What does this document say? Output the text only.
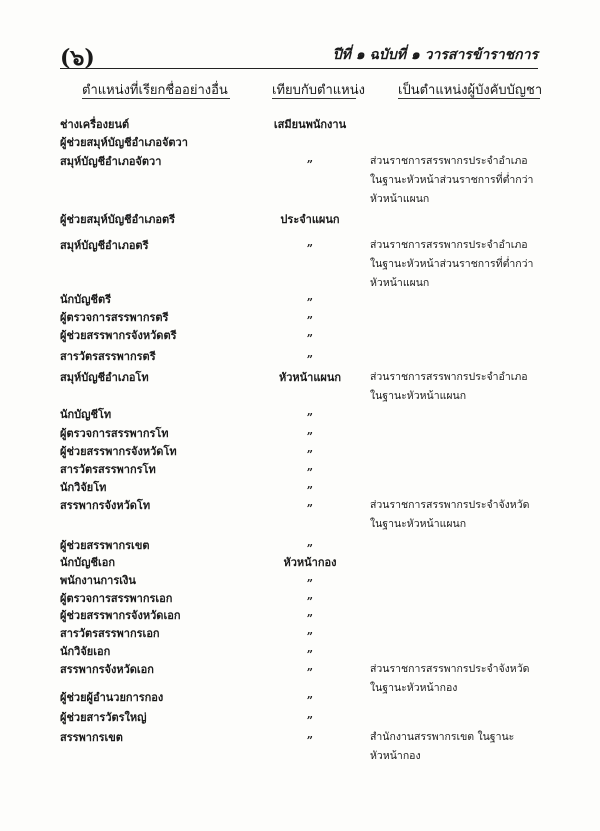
(๖)	ปีที่ ๑ ฉบับที่ ๑ วารสารข้าราชการ
ตำแหน่งที่เรียกชื่ออย่างอื่น	เทียบกับตำแหน่ง	เป็นตำแหน่งผู้บังคับบัญชา
ช่างเครื่องยนต์	เสมียนพนักงาน
ผู้ช่วยสมุห์บัญชีอำเภอจัตวา
สมุห์บัญชีอำเภอจัตวา	„	ส่วนราชการสรรพากรประจำอำเภอ
ในฐานะหัวหน้าส่วนราชการที่ต่ำกว่า
หัวหน้าแผนก
ผู้ช่วยสมุห์บัญชีอำเภอตรี	ประจำแผนก
สมุห์บัญชีอำเภอตรี	„	ส่วนราชการสรรพากรประจำอำเภอ
ในฐานะหัวหน้าส่วนราชการที่ต่ำกว่า
หัวหน้าแผนก
นักบัญชีตรี	„
ผู้ตรวจการสรรพากรตรี	„
ผู้ช่วยสรรพากรจังหวัดตรี	„
สารวัตรสรรพากรตรี	„
สมุห์บัญชีอำเภอโท	หัวหน้าแผนก	ส่วนราชการสรรพากรประจำอำเภอ
ในฐานะหัวหน้าแผนก
นักบัญชีโท	„
ผู้ตรวจการสรรพากรโท	„
ผู้ช่วยสรรพากรจังหวัดโท	„
สารวัตรสรรพากรโท	„
นักวิจัยโท	„
สรรพากรจังหวัดโท	„	ส่วนราชการสรรพากรประจำจังหวัด
ในฐานะหัวหน้าแผนก
ผู้ช่วยสรรพากรเขต	„
นักบัญชีเอก	หัวหน้ากอง
พนักงานการเงิน	„
ผู้ตรวจการสรรพากรเอก	„
ผู้ช่วยสรรพากรจังหวัดเอก	„
สารวัตรสรรพากรเอก	„
นักวิจัยเอก	„
สรรพากรจังหวัดเอก	„	ส่วนราชการสรรพากรประจำจังหวัด
ในฐานะหัวหน้ากอง
ผู้ช่วยผู้อำนวยการกอง	„
ผู้ช่วยสารวัตรใหญ่	„
สรรพากรเขต	„	สำนักงานสรรพากรเขต ในฐานะ
หัวหน้ากอง
